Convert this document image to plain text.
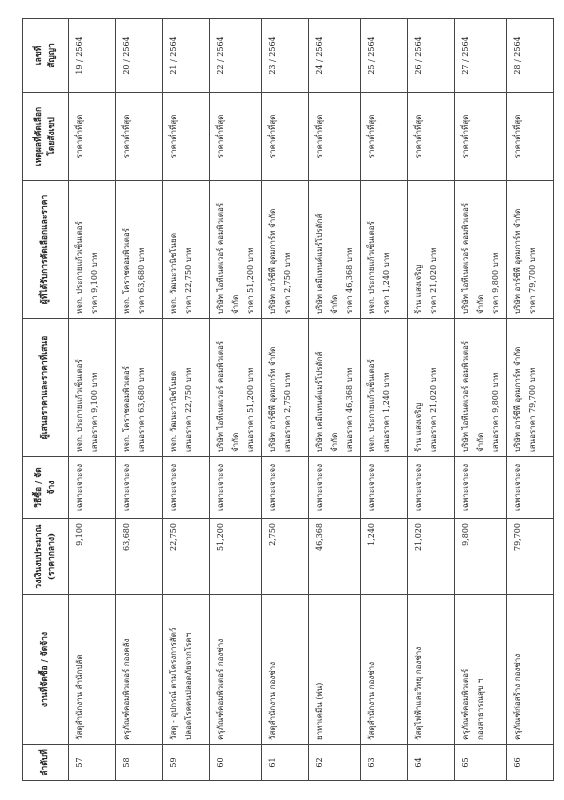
ลำดับที่	งานที่จัดซื้อ / จัดจ้าง	วงเงินงบประมาณ (ราคากลาง)	วิธีซื้อ / จัดจ้าง	ผู้เสนอราคาและราคาที่เสนอ	ผู้ที่ได้รับการคัดเลือกและราคา	เหตุผลที่คัดเลือก โดยสังเขป	เลขที่ สัญญา

57	วัสดุสำนักงาน สำนักปลัด	9,100	เฉพาะเจาะจง	หจก. ประกายแก้วเซ็นเตอร์ เสนอราคา 9,100 บาท	หจก. ประกายแก้วเซ็นเตอร์ ราคา 9,100 บาท	ราคาต่ำที่สุด	19 / 2564
58	ครุภัณฑ์คอมพิวเตอร์ กองคลัง	63,680	เฉพาะเจาะจง	หจก. โคราชคอมพิวเตอร์ เสนอราคา 63,680 บาท	หจก. โคราชคอมพิวเตอร์ ราคา 63,680 บาท	ราคาต่ำที่สุด	20 / 2564
59	วัสดุ - อุปกรณ์ ตามโครงการสัตว์ ปลอดโรคคนปลอดภัยจากโรคฯ	22,750	เฉพาะเจาะจง	หจก. วัฒนะวานิชโนยด เสนอราคา 22,750 บาท	หจก. วัฒนะวานิชโนยด ราคา 22,750 บาท	ราคาต่ำที่สุด	21 / 2564
60	ครุภัณฑ์คอมพิวเตอร์ กองช่าง	51,200	เฉพาะเจาะจง	บริษัท ไอทีเนตเวอร์ คอมพิวเตอร์ จำกัด เสนอราคา 51,200 บาท	บริษัท ไอทีเนตเวอร์ คอมพิวเตอร์ จำกัด ราคา 51,200 บาท	ราคาต่ำที่สุด	22 / 2564
61	วัสดุสำนักงาน กองช่าง	2,750	เฉพาะเจาะจง	บริษัท อาร์ซีพี อุดมการ์ท จำกัด เสนอราคา 2,750 บาท	บริษัท อาร์ซีพี อุดมการ์ท จำกัด ราคา 2,750 บาท	ราคาต่ำที่สุด	23 / 2564
62	ยาทาเคมีน (พ่น)	46,368	เฉพาะเจาะจง	บริษัท เคมีแทนค์แมร์โปรดักส์ จำกัด เสนอราคา 46,368 บาท	บริษัท เคมีแทนค์แมร์โปรดักส์ จำกัด ราคา 46,368 บาท	ราคาต่ำที่สุด	24 / 2564
63	วัสดุสำนักงาน กองช่าง	1,240	เฉพาะเจาะจง	หจก. ประกายแก้วเซ็นเตอร์ เสนอราคา 1,240 บาท	หจก. ประกายแก้วเซ็นเตอร์ ราคา 1,240 บาท	ราคาต่ำที่สุด	25 / 2564
64	วัสดุไฟฟ้าและวิทยุ กองช่าง	21,020	เฉพาะเจาะจง	ร้าน แสงเจริญ เสนอราคา 21,020 บาท	ร้าน แสงเจริญ ราคา 21,020 บาท	ราคาต่ำที่สุด	26 / 2564
65	ครุภัณฑ์คอมพิวเตอร์ กองสาธารณสุข ฯ	9,800	เฉพาะเจาะจง	บริษัท ไอทีเนตเวอร์ คอมพิวเตอร์ จำกัด เสนอราคา 9,800 บาท	บริษัท ไอทีเนตเวอร์ คอมพิวเตอร์ จำกัด ราคา 9,800 บาท	ราคาต่ำที่สุด	27 / 2564
66	ครุภัณฑ์ก่อสร้าง กองช่าง	79,700	เฉพาะเจาะจง	บริษัท อาร์ซีพี อุดมการ์ท จำกัด เสนอราคา 79,700 บาท	บริษัท อาร์ซีพี อุดมการ์ท จำกัด ราคา 79,700 บาท	ราคาต่ำที่สุด	28 / 2564
